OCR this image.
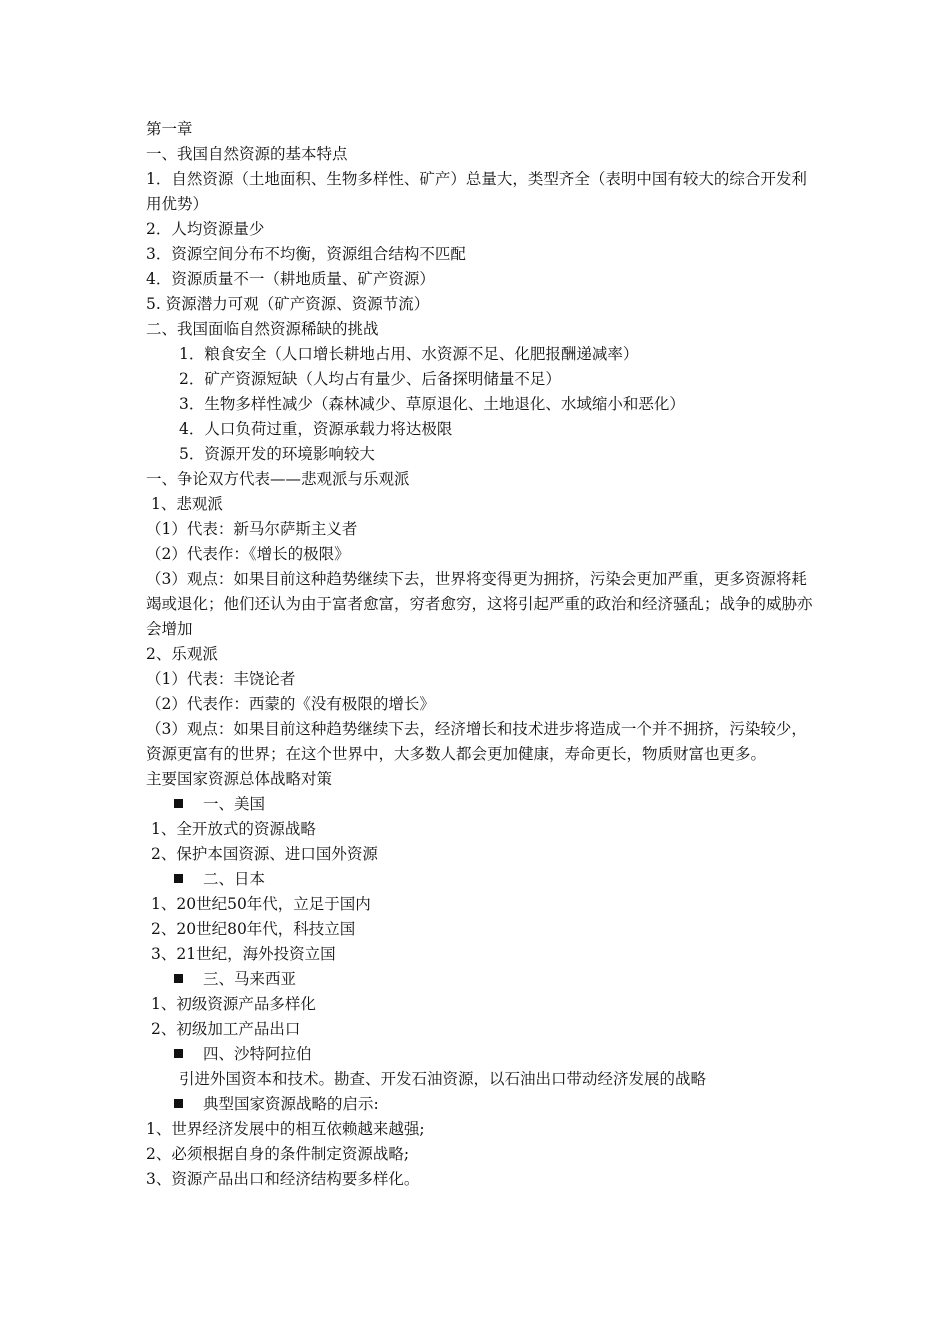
第一章
一、我国自然资源的基本特点
1．自然资源（土地面积、生物多样性、矿产）总量大，类型齐全（表明中国有较大的综合开发利用优势）
2．人均资源量少
3．资源空间分布不均衡，资源组合结构不匹配
4．资源质量不一（耕地质量、矿产资源）
5. 资源潜力可观（矿产资源、资源节流）
二、我国面临自然资源稀缺的挑战
1．粮食安全（人口增长耕地占用、水资源不足、化肥报酬递减率）
2．矿产资源短缺（人均占有量少、后备探明储量不足）
3．生物多样性减少（森林减少、草原退化、土地退化、水域缩小和恶化）
4．人口负荷过重，资源承载力将达极限
5．资源开发的环境影响较大
一、争论双方代表——悲观派与乐观派
1、悲观派
（1）代表：新马尔萨斯主义者
（2）代表作：《增长的极限》
（3）观点：如果目前这种趋势继续下去，世界将变得更为拥挤，污染会更加严重，更多资源将耗竭或退化；他们还认为由于富者愈富，穷者愈穷，这将引起严重的政治和经济骚乱；战争的威胁亦会增加
2、乐观派
（1）代表：丰饶论者
（2）代表作：西蒙的《没有极限的增长》
（3）观点：如果目前这种趋势继续下去，经济增长和技术进步将造成一个并不拥挤，污染较少，资源更富有的世界；在这个世界中，大多数人都会更加健康，寿命更长，物质财富也更多。
主要国家资源总体战略对策
一、美国
1、全开放式的资源战略
2、保护本国资源、进口国外资源
二、日本
1、20世纪50年代，立足于国内
2、20世纪80年代，科技立国
3、21世纪，海外投资立国
三、马来西亚
1、初级资源产品多样化
2、初级加工产品出口
四、沙特阿拉伯
引进外国资本和技术。勘查、开发石油资源，以石油出口带动经济发展的战略
典型国家资源战略的启示:
1、世界经济发展中的相互依赖越来越强;
2、必须根据自身的条件制定资源战略;
3、资源产品出口和经济结构要多样化。
